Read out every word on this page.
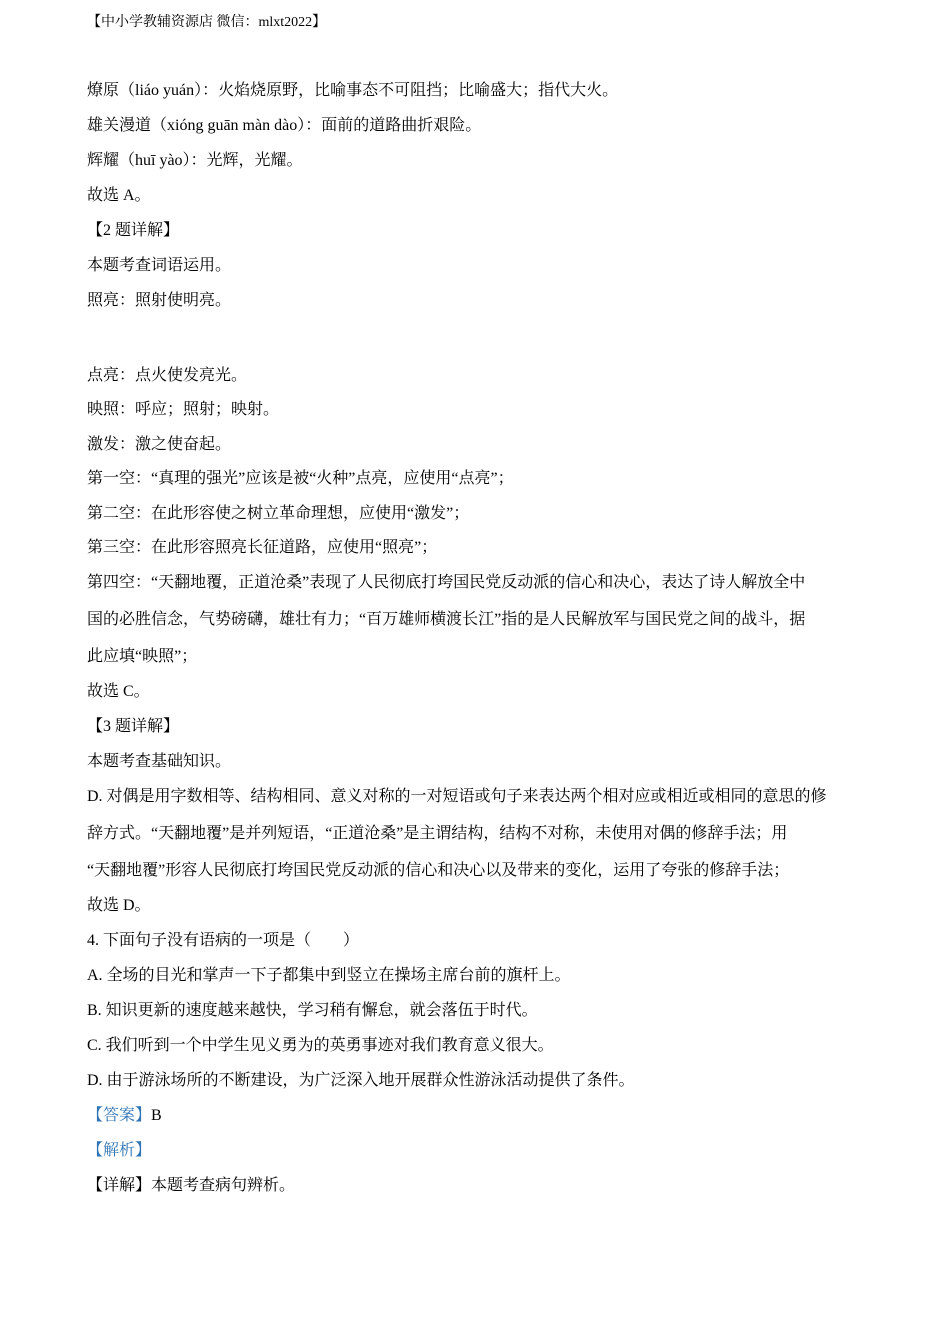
【中小学教辅资源店 微信：mlxt2022】
燎原（liáo yuán）：火焰烧原野，比喻事态不可阻挡；比喻盛大；指代大火。
雄关漫道（xióng guān màn dào）：面前的道路曲折艰险。
辉耀（huī yào）：光辉，光耀。
故选 A。
【2 题详解】
本题考查词语运用。
照亮：照射使明亮。
点亮：点火使发亮光。
映照：呼应；照射；映射。
激发：激之使奋起。
第一空：“真理的强光”应该是被“火种”点亮，应使用“点亮”；
第二空：在此形容使之树立革命理想，应使用“激发”；
第三空：在此形容照亮长征道路，应使用“照亮”；
第四空：“天翻地覆，正道沧桑”表现了人民彻底打垮国民党反动派的信心和决心，表达了诗人解放全中
国的必胜信念，气势磅礴，雄壮有力；“百万雄师横渡长江”指的是人民解放军与国民党之间的战斗，据
此应填“映照”；
故选 C。
【3 题详解】
本题考查基础知识。
D. 对偶是用字数相等、结构相同、意义对称的一对短语或句子来表达两个相对应或相近或相同的意思的修
辞方式。“天翻地覆”是并列短语，“正道沧桑”是主谓结构，结构不对称，未使用对偶的修辞手法；用
“天翻地覆”形容人民彻底打垮国民党反动派的信心和决心以及带来的变化，运用了夸张的修辞手法；
故选 D。
4. 下面句子没有语病的一项是（　　）
A. 全场的目光和掌声一下子都集中到竖立在操场主席台前的旗杆上。
B. 知识更新的速度越来越快，学习稍有懈怠，就会落伍于时代。
C. 我们听到一个中学生见义勇为的英勇事迹对我们教育意义很大。
D. 由于游泳场所的不断建设，为广泛深入地开展群众性游泳活动提供了条件。
【答案】B
【解析】
【详解】本题考查病句辨析。
